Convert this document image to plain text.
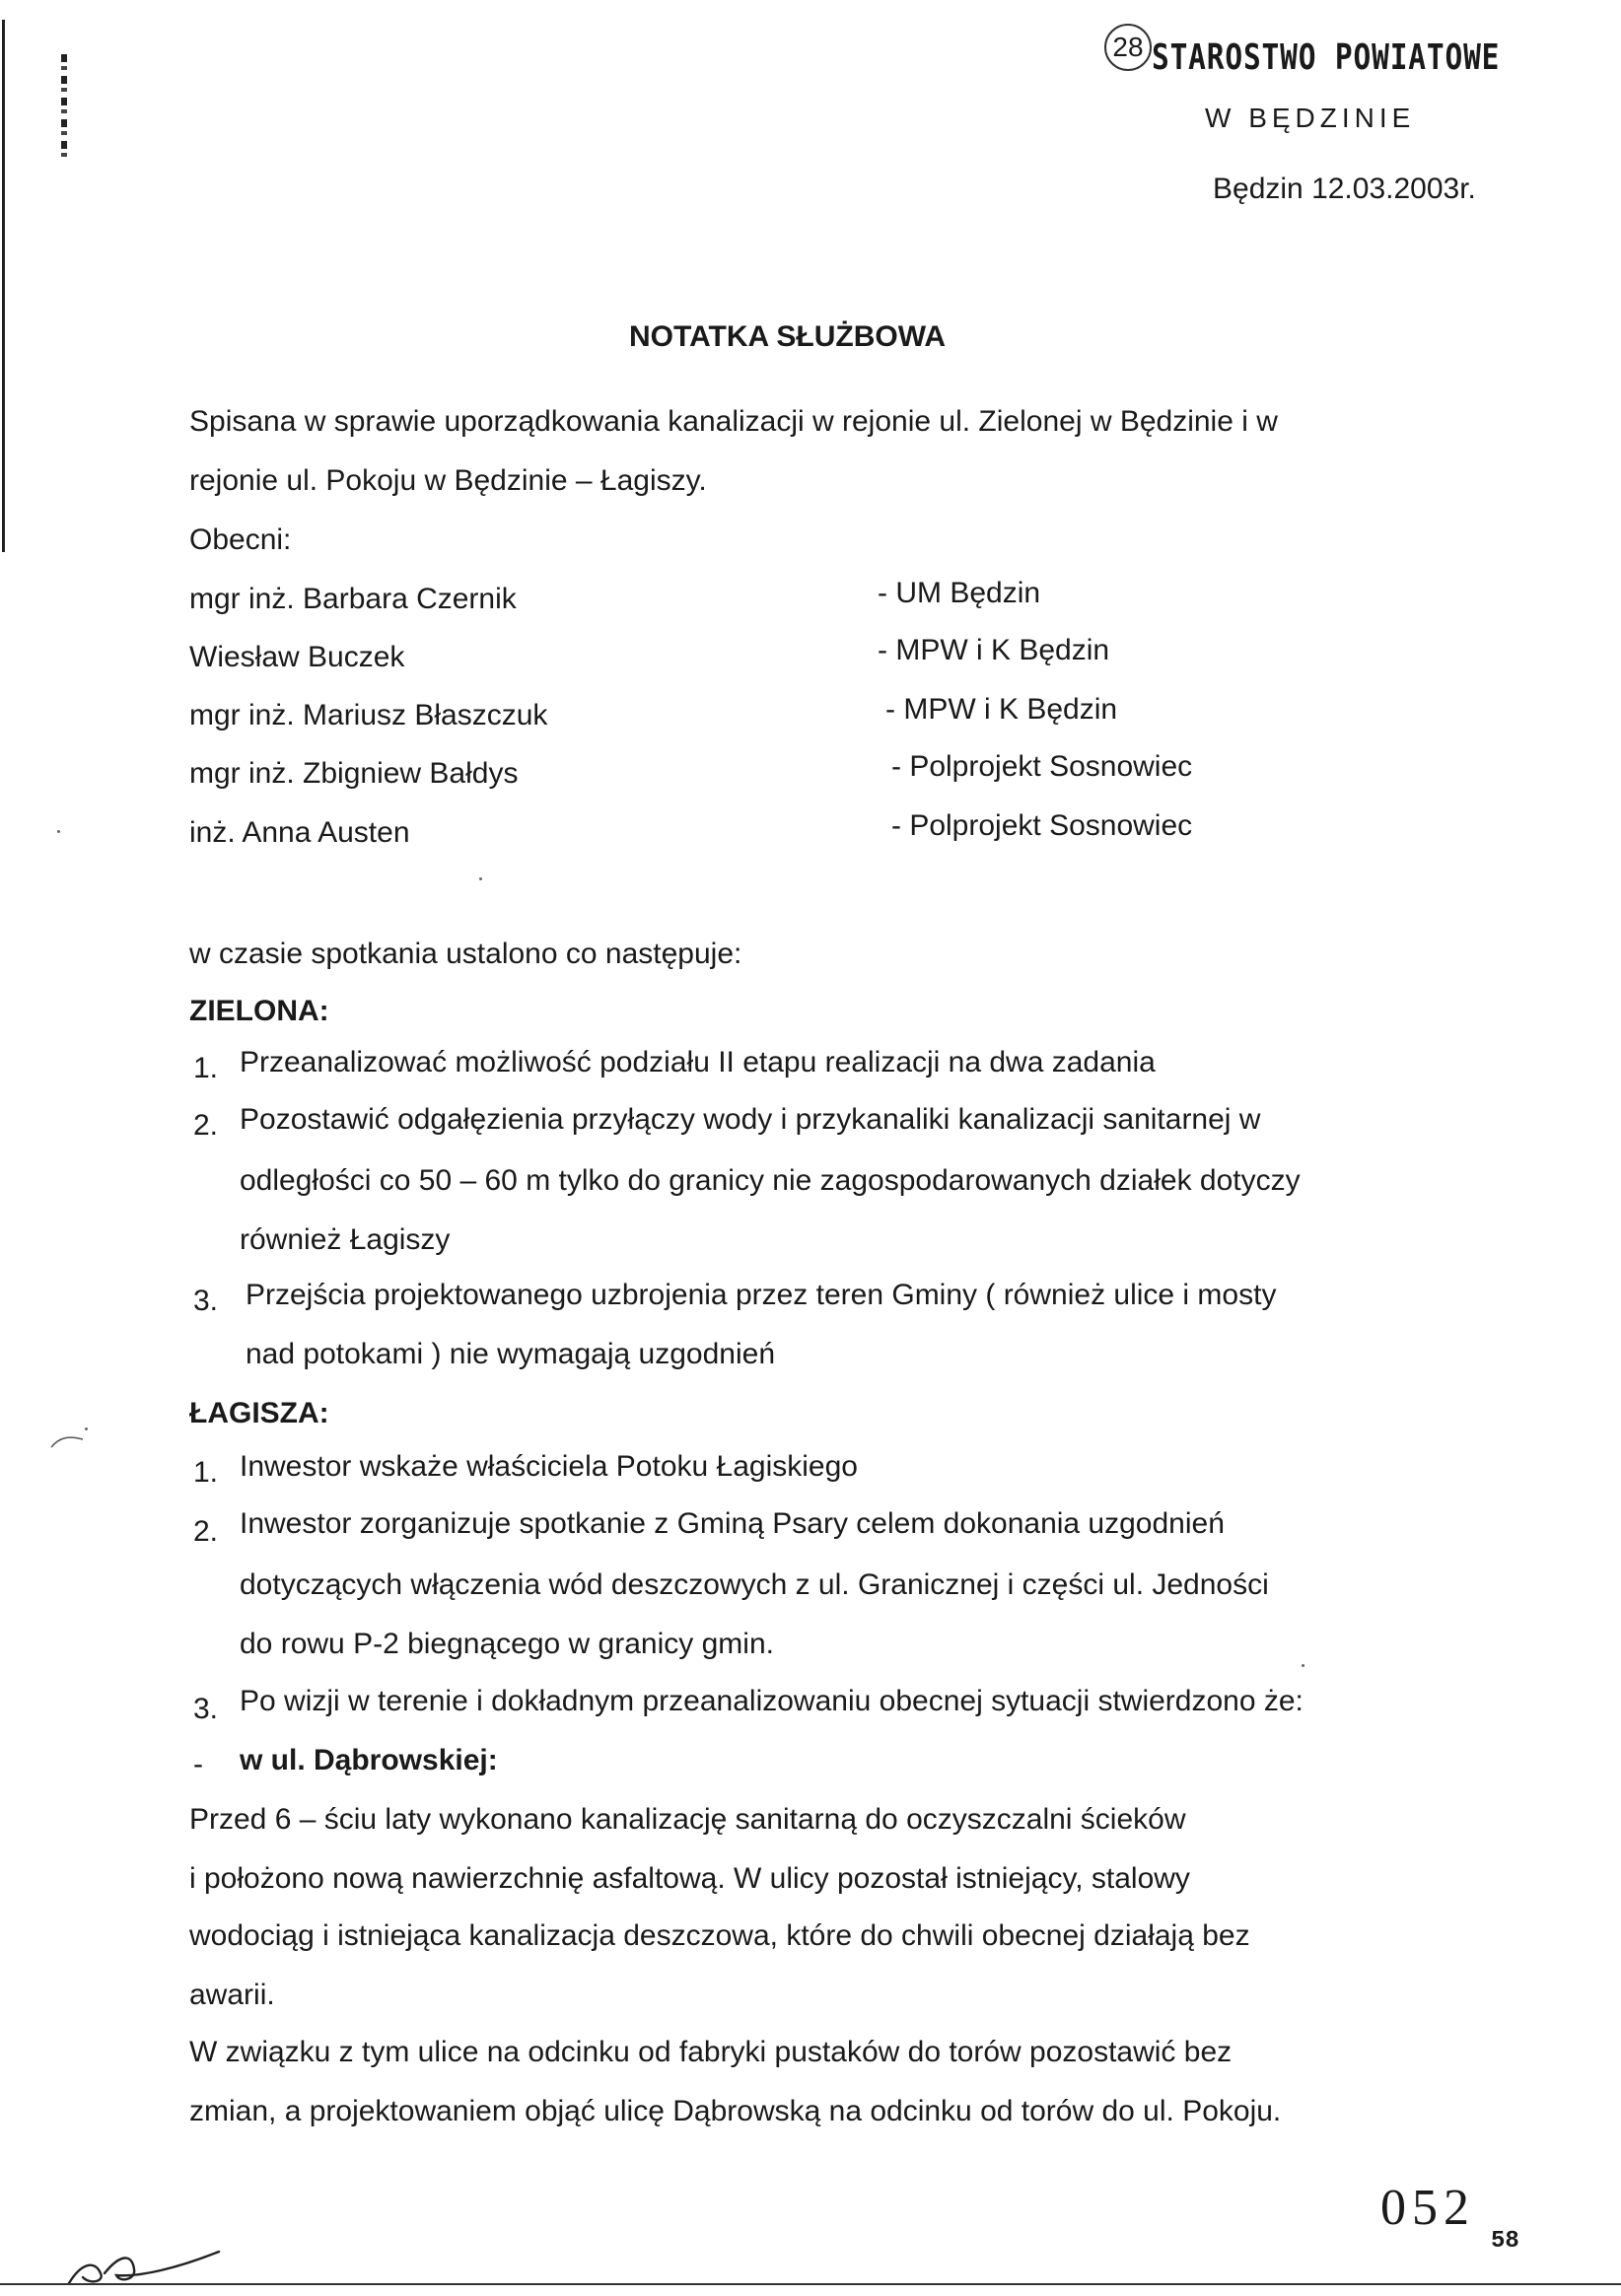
28 STAROSTWO POWIATOWE
W BĘDZINIE
Będzin 12.03.2003r.
NOTATKA SŁUŻBOWA
Spisana w sprawie uporządkowania kanalizacji w rejonie ul. Zielonej w Będzinie i w
rejonie ul. Pokoju w Będzinie – Łagiszy.
Obecni:
mgr inż. Barbara Czernik	- UM Będzin
Wiesław Buczek	- MPW i K Będzin
mgr inż. Mariusz Błaszczuk	- MPW i K Będzin
mgr inż. Zbigniew Bałdys	- Polprojekt Sosnowiec
inż. Anna Austen	- Polprojekt Sosnowiec
w czasie spotkania ustalono co następuje:
ZIELONA:
1. Przeanalizować możliwość podziału II etapu realizacji na dwa zadania
2. Pozostawić odgałęzienia przyłączy wody i przykanaliki kanalizacji sanitarnej w
odległości co 50 – 60 m tylko do granicy nie zagospodarowanych działek dotyczy
również Łagiszy
3. Przejścia projektowanego uzbrojenia przez teren Gminy ( również ulice i mosty
nad potokami ) nie wymagają uzgodnień
ŁAGISZA:
1. Inwestor wskaże właściciela Potoku Łagiskiego
2. Inwestor zorganizuje spotkanie z Gminą Psary celem dokonania uzgodnień
dotyczących włączenia wód deszczowych z ul. Granicznej i części ul. Jedności
do rowu P-2 biegnącego w granicy gmin.
3. Po wizji w terenie i dokładnym przeanalizowaniu obecnej sytuacji stwierdzono że:
- w ul. Dąbrowskiej:
Przed 6 – ściu laty wykonano kanalizację sanitarną do oczyszczalni ścieków
i położono nową nawierzchnię asfaltową. W ulicy pozostał istniejący, stalowy
wodociąg i istniejąca kanalizacja deszczowa, które do chwili obecnej działają bez
awarii.
W związku z tym ulice na odcinku od fabryki pustaków do torów pozostawić bez
zmian, a projektowaniem objąć ulicę Dąbrowską na odcinku od torów do ul. Pokoju.
052
58
